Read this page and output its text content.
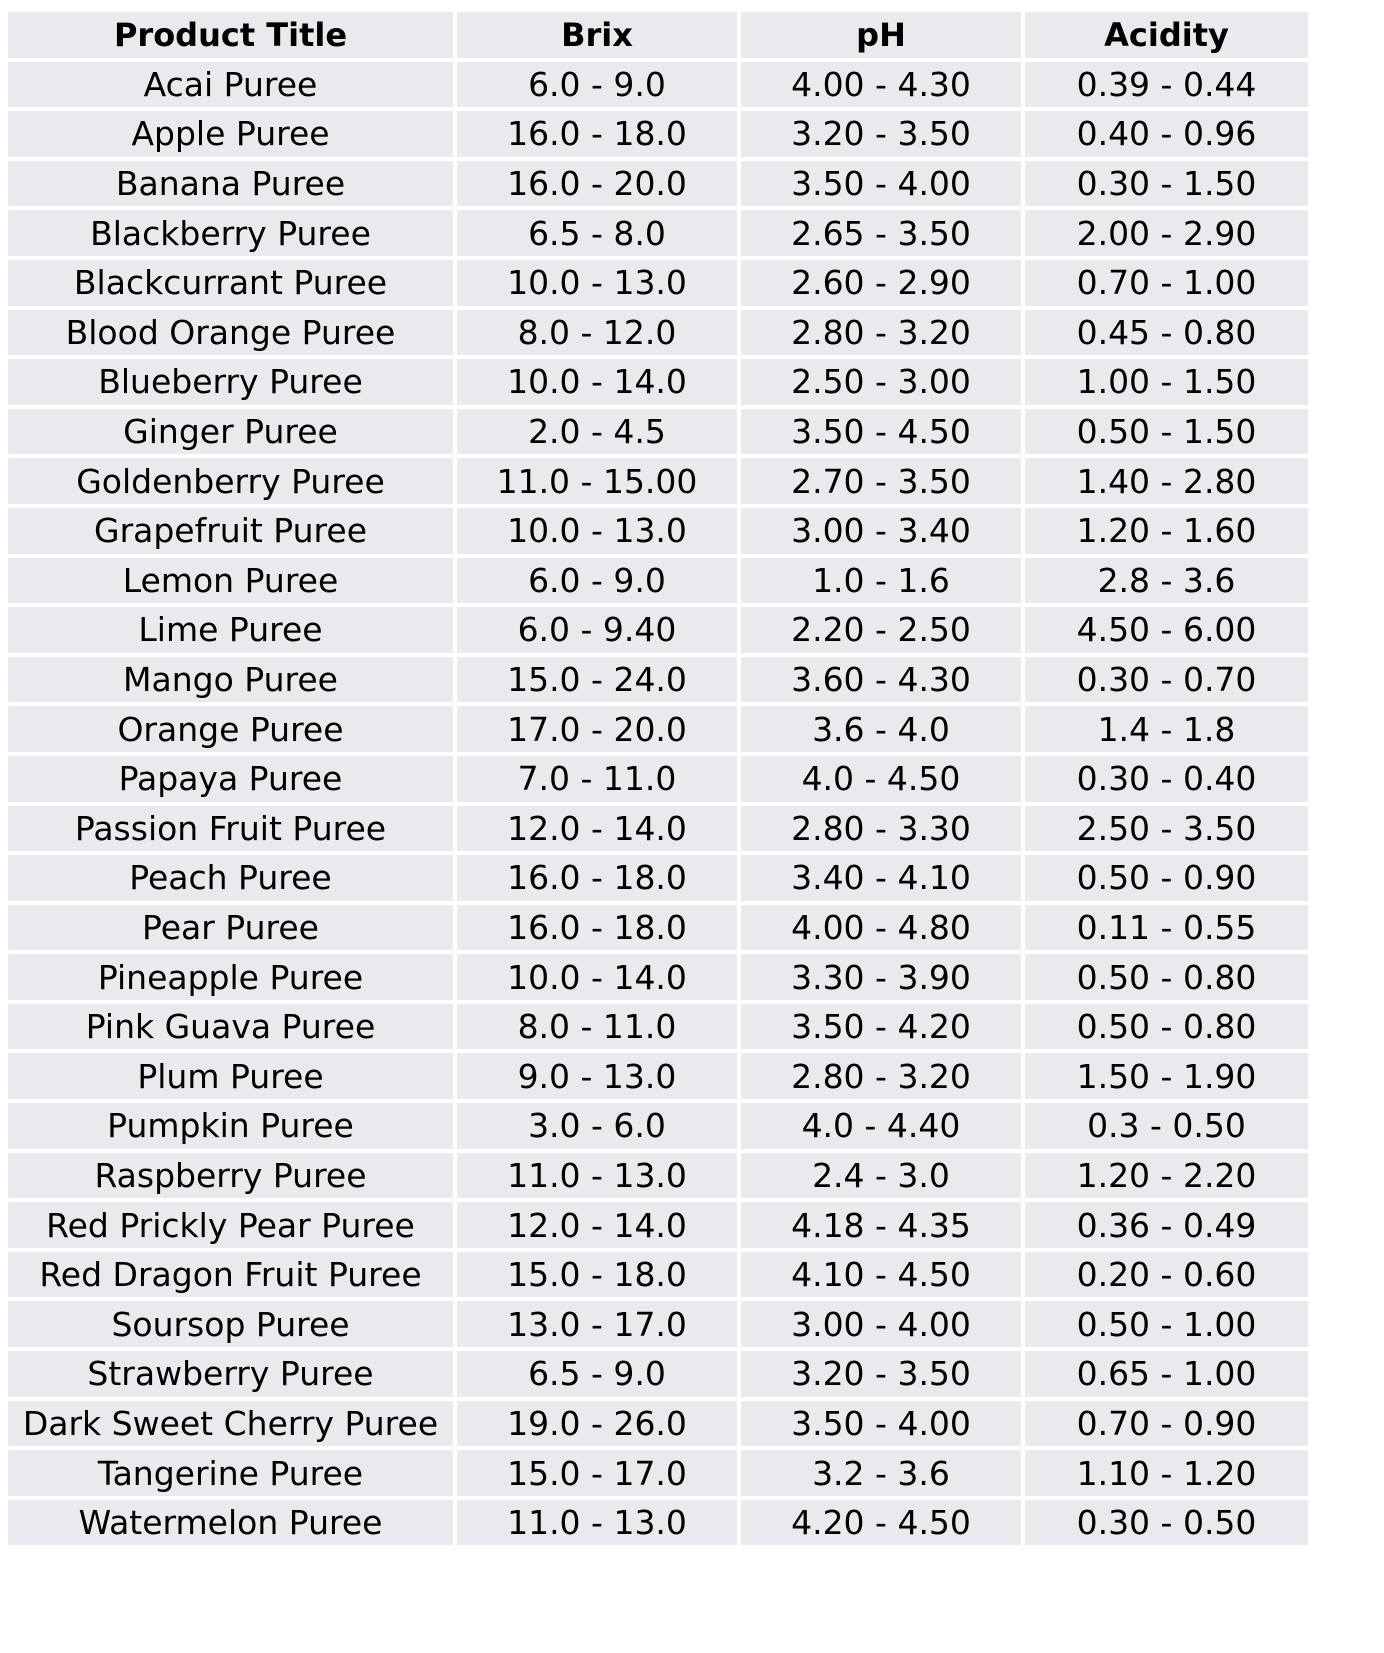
Product Title	Brix	pH	Acidity
Acai Puree	6.0 - 9.0	4.00 - 4.30	0.39 - 0.44
Apple Puree	16.0 - 18.0	3.20 - 3.50	0.40 - 0.96
Banana Puree	16.0 - 20.0	3.50 - 4.00	0.30 - 1.50
Blackberry Puree	6.5 - 8.0	2.65 - 3.50	2.00 - 2.90
Blackcurrant Puree	10.0 - 13.0	2.60 - 2.90	0.70 - 1.00
Blood Orange Puree	8.0 - 12.0	2.80 - 3.20	0.45 - 0.80
Blueberry Puree	10.0 - 14.0	2.50 - 3.00	1.00 - 1.50
Ginger Puree	2.0 - 4.5	3.50 - 4.50	0.50 - 1.50
Goldenberry Puree	11.0 - 15.00	2.70 - 3.50	1.40 - 2.80
Grapefruit Puree	10.0 - 13.0	3.00 - 3.40	1.20 - 1.60
Lemon Puree	6.0 - 9.0	1.0 - 1.6	2.8 - 3.6
Lime Puree	6.0 - 9.40	2.20 - 2.50	4.50 - 6.00
Mango Puree	15.0 - 24.0	3.60 - 4.30	0.30 - 0.70
Orange Puree	17.0 - 20.0	3.6 - 4.0	1.4 - 1.8
Papaya Puree	7.0 - 11.0	4.0 - 4.50	0.30 - 0.40
Passion Fruit Puree	12.0 - 14.0	2.80 - 3.30	2.50 - 3.50
Peach Puree	16.0 - 18.0	3.40 - 4.10	0.50 - 0.90
Pear Puree	16.0 - 18.0	4.00 - 4.80	0.11 - 0.55
Pineapple Puree	10.0 - 14.0	3.30 - 3.90	0.50 - 0.80
Pink Guava Puree	8.0 - 11.0	3.50 - 4.20	0.50 - 0.80
Plum Puree	9.0 - 13.0	2.80 - 3.20	1.50 - 1.90
Pumpkin Puree	3.0 - 6.0	4.0 - 4.40	0.3 - 0.50
Raspberry Puree	11.0 - 13.0	2.4 - 3.0	1.20 - 2.20
Red Prickly Pear Puree	12.0 - 14.0	4.18 - 4.35	0.36 - 0.49
Red Dragon Fruit Puree	15.0 - 18.0	4.10 - 4.50	0.20 - 0.60
Soursop Puree	13.0 - 17.0	3.00 - 4.00	0.50 - 1.00
Strawberry Puree	6.5 - 9.0	3.20 - 3.50	0.65 - 1.00
Dark Sweet Cherry Puree	19.0 - 26.0	3.50 - 4.00	0.70 - 0.90
Tangerine Puree	15.0 - 17.0	3.2 - 3.6	1.10 - 1.20
Watermelon Puree	11.0 - 13.0	4.20 - 4.50	0.30 - 0.50
